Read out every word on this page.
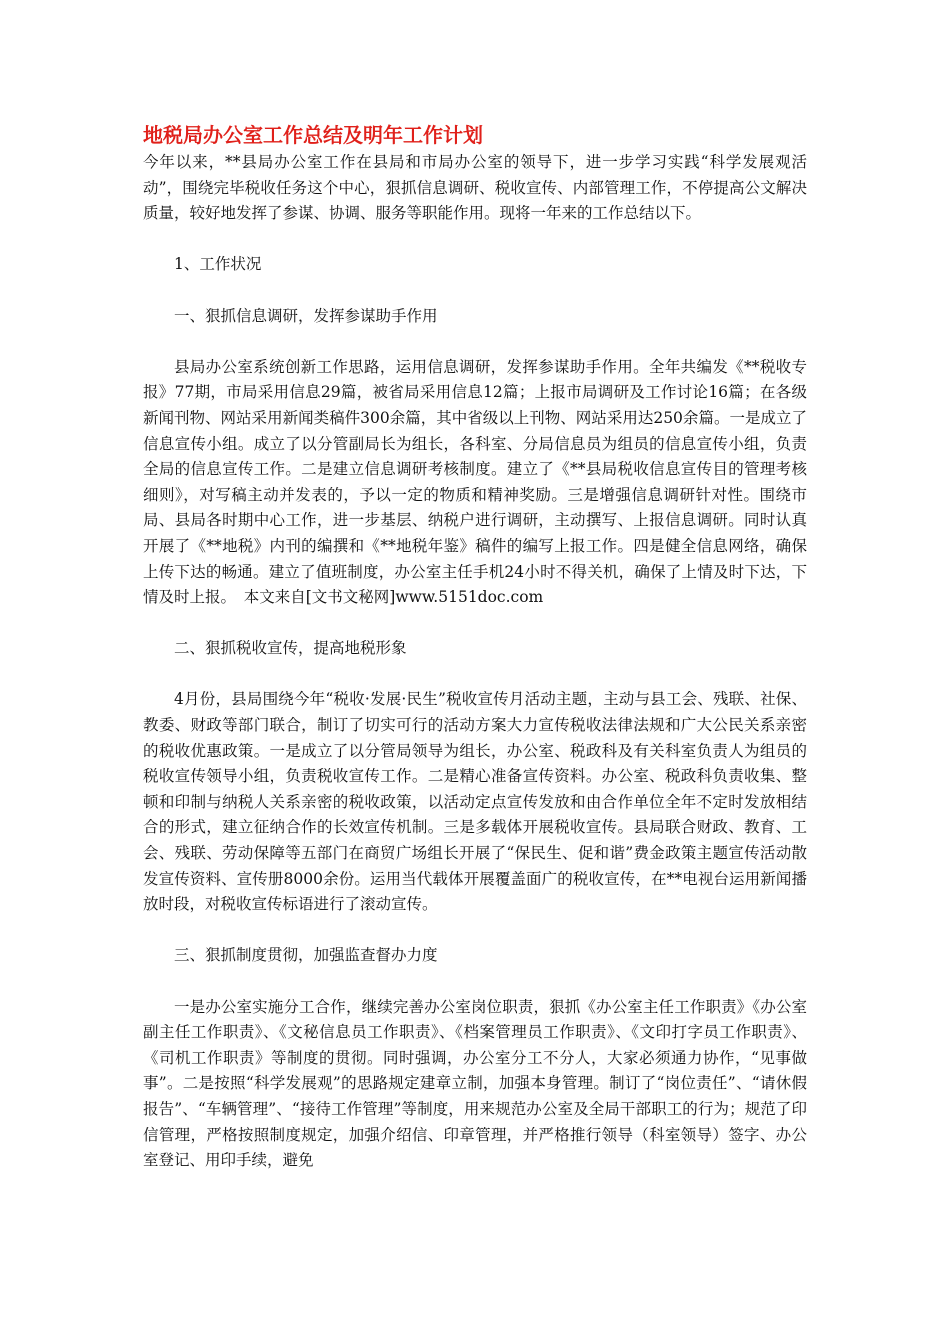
地税局办公室工作总结及明年工作计划

今年以来，**县局办公室工作在县局和市局办公室的领导下，进一步学习实践“科学发展观活动”，围绕完毕税收任务这个中心，狠抓信息调研、税收宣传、内部管理工作，不停提高公文解决质量，较好地发挥了参谋、协调、服务等职能作用。现将一年来的工作总结以下。

1、工作状况

一、狠抓信息调研，发挥参谋助手作用

县局办公室系统创新工作思路，运用信息调研，发挥参谋助手作用。全年共编发《**税收专报》77期，市局采用信息29篇，被省局采用信息12篇；上报市局调研及工作讨论16篇；在各级新闻刊物、网站采用新闻类稿件300余篇，其中省级以上刊物、网站采用达250余篇。一是成立了信息宣传小组。成立了以分管副局长为组长，各科室、分局信息员为组员的信息宣传小组，负责全局的信息宣传工作。二是建立信息调研考核制度。建立了《**县局税收信息宣传目的管理考核细则》，对写稿主动并发表的，予以一定的物质和精神奖励。三是增强信息调研针对性。围绕市局、县局各时期中心工作，进一步基层、纳税户进行调研，主动撰写、上报信息调研。同时认真开展了《**地税》内刊的编撰和《**地税年鉴》稿件的编写上报工作。四是健全信息网络，确保上传下达的畅通。建立了值班制度，办公室主任手机24小时不得关机，确保了上情及时下达，下情及时上报。　本文来自[文书文秘网]www.5151doc.com

二、狠抓税收宣传，提高地税形象

4月份，县局围绕今年“税收·发展·民生”税收宣传月活动主题，主动与县工会、残联、社保、教委、财政等部门联合，制订了切实可行的活动方案大力宣传税收法律法规和广大公民关系亲密的税收优惠政策。一是成立了以分管局领导为组长，办公室、税政科及有关科室负责人为组员的税收宣传领导小组，负责税收宣传工作。二是精心准备宣传资料。办公室、税政科负责收集、整顿和印制与纳税人关系亲密的税收政策，以活动定点宣传发放和由合作单位全年不定时发放相结合的形式，建立征纳合作的长效宣传机制。三是多载体开展税收宣传。县局联合财政、教育、工会、残联、劳动保障等五部门在商贸广场组长开展了“保民生、促和谐”费金政策主题宣传活动散发宣传资料、宣传册8000余份。运用当代载体开展覆盖面广的税收宣传，在**电视台运用新闻播放时段，对税收宣传标语进行了滚动宣传。

三、狠抓制度贯彻，加强监查督办力度

一是办公室实施分工合作，继续完善办公室岗位职责，狠抓《办公室主任工作职责》《办公室副主任工作职责》、《文秘信息员工作职责》、《档案管理员工作职责》、《文印打字员工作职责》、《司机工作职责》等制度的贯彻。同时强调，办公室分工不分人，大家必须通力协作，“见事做事”。二是按照“科学发展观”的思路规定建章立制，加强本身管理。制订了“岗位责任”、“请休假报告”、“车辆管理”、“接待工作管理”等制度，用来规范办公室及全局干部职工的行为；规范了印信管理，严格按照制度规定，加强介绍信、印章管理，并严格推行领导（科室领导）签字、办公室登记、用印手续，避免
